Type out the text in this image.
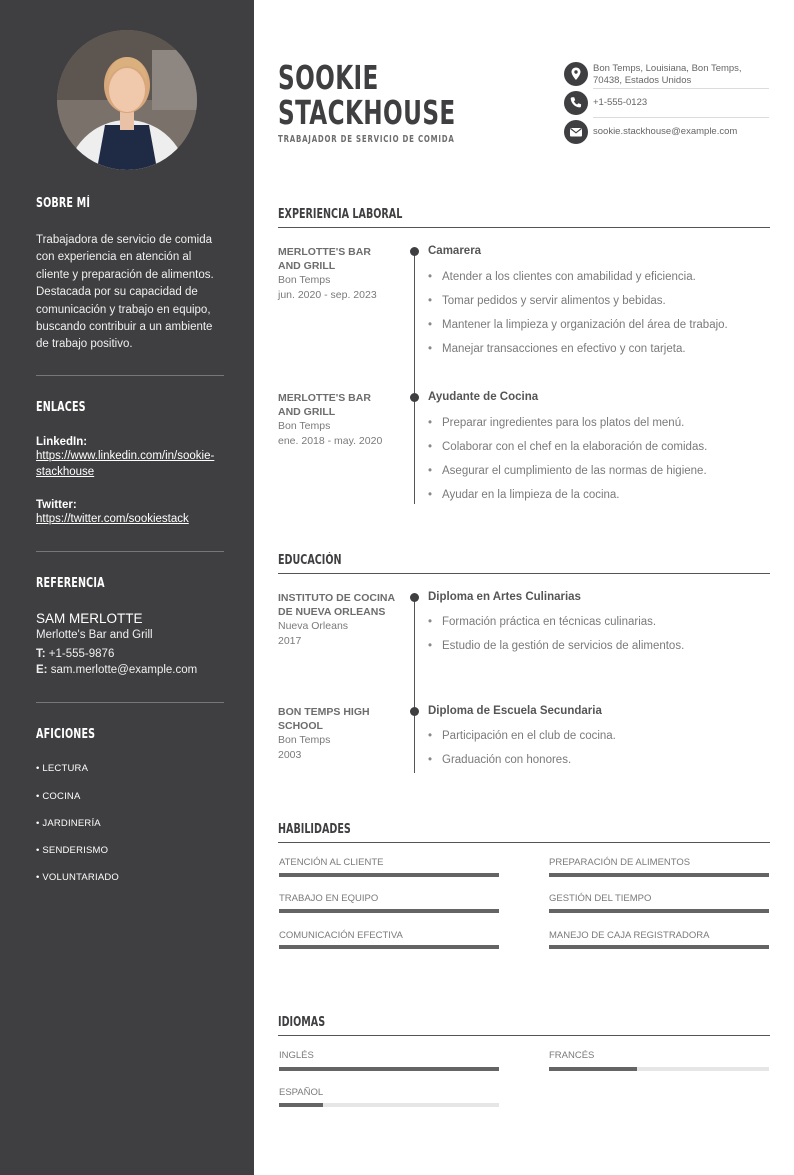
SOBRE MÍ
Trabajadora de servicio de comida con experiencia en atención al cliente y preparación de alimentos. Destacada por su capacidad de comunicación y trabajo en equipo, buscando contribuir a un ambiente de trabajo positivo.
ENLACES
LinkedIn:
https://www.linkedin.com/in/sookie-stackhouse
Twitter:
https://twitter.com/sookiestack
REFERENCIA
SAM MERLOTTE
Merlotte's Bar and Grill
T: +1-555-9876
E: sam.merlotte@example.com
AFICIONES
• LECTURA
• COCINA
• JARDINERÍA
• SENDERISMO
• VOLUNTARIADO
SOOKIE
STACKHOUSE
TRABAJADOR DE SERVICIO DE COMIDA
Bon Temps, Louisiana, Bon Temps, 70438, Estados Unidos
+1-555-0123
sookie.stackhouse@example.com
EXPERIENCIA LABORAL
MERLOTTE'S BAR AND GRILL
Bon Temps
jun. 2020 - sep. 2023
Camarera
• Atender a los clientes con amabilidad y eficiencia.
• Tomar pedidos y servir alimentos y bebidas.
• Mantener la limpieza y organización del área de trabajo.
• Manejar transacciones en efectivo y con tarjeta.
MERLOTTE'S BAR AND GRILL
Bon Temps
ene. 2018 - may. 2020
Ayudante de Cocina
• Preparar ingredientes para los platos del menú.
• Colaborar con el chef en la elaboración de comidas.
• Asegurar el cumplimiento de las normas de higiene.
• Ayudar en la limpieza de la cocina.
EDUCACIÓN
INSTITUTO DE COCINA DE NUEVA ORLEANS
Nueva Orleans
2017
Diploma en Artes Culinarias
• Formación práctica en técnicas culinarias.
• Estudio de la gestión de servicios de alimentos.
BON TEMPS HIGH SCHOOL
Bon Temps
2003
Diploma de Escuela Secundaria
• Participación en el club de cocina.
• Graduación con honores.
HABILIDADES
ATENCIÓN AL CLIENTE	PREPARACIÓN DE ALIMENTOS
TRABAJO EN EQUIPO	GESTIÓN DEL TIEMPO
COMUNICACIÓN EFECTIVA	MANEJO DE CAJA REGISTRADORA
IDIOMAS
INGLÉS	FRANCÉS
ESPAÑOL
